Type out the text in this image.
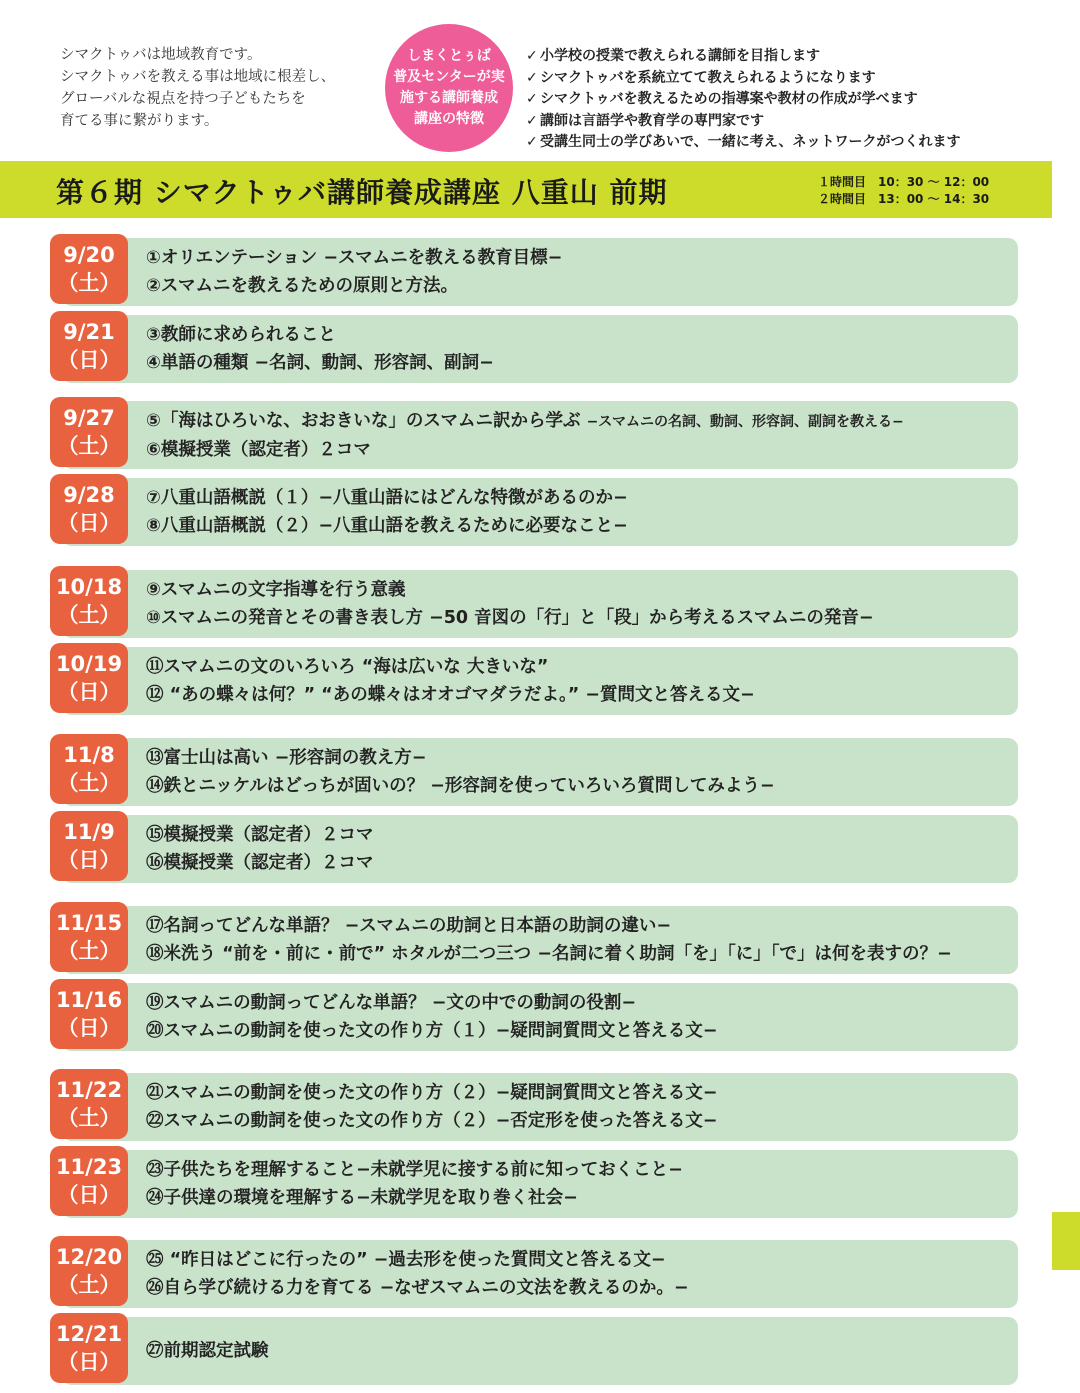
シマクトゥバは地域教育です。
シマクトゥバを教える事は地域に根差し、
グローバルな視点を持つ子どもたちを
育てる事に繋がります。
しまくとぅば
普及センターが実
施する講師養成
講座の特徴
✓ 小学校の授業で教えられる講師を目指します
✓ シマクトゥバを系統立てて教えられるようになります
✓ シマクトゥバを教えるための指導案や教材の作成が学べます
✓ 講師は言語学や教育学の専門家です
✓ 受講生同士の学びあいで、一緒に考え、ネットワークがつくれます
第６期 シマクトゥバ講師養成講座 八重山 前期	１時間目　10：30 〜 12：00
２時間目　13：00 〜 14：30
9/20
（土）
①オリエンテーション −スマムニを教える教育目標−
②スマムニを教えるための原則と方法。
9/21
（日）
③教師に求められること
④単語の種類 −名詞、動詞、形容詞、副詞−
9/27
（土）
⑤「海はひろいな、おおきいな」のスマムニ訳から学ぶ −スマムニの名詞、動詞、形容詞、副詞を教える−
⑥模擬授業（認定者）２コマ
9/28
（日）
⑦八重山語概説（１）−八重山語にはどんな特徴があるのか−
⑧八重山語概説（２）−八重山語を教えるために必要なこと−
10/18
（土）
⑨スマムニの文字指導を行う意義
⑩スマムニの発音とその書き表し方 −50 音図の「行」と「段」から考えるスマムニの発音−
10/19
（日）
⑪スマムニの文のいろいろ “海は広いな 大きいな”
⑫ “あの蝶々は何？” “あの蝶々はオオゴマダラだよ。” −質問文と答える文−
11/8
（土）
⑬富士山は高い −形容詞の教え方−
⑭鉄とニッケルはどっちが固いの？ −形容詞を使っていろいろ質問してみよう−
11/9
（日）
⑮模擬授業（認定者）２コマ
⑯模擬授業（認定者）２コマ
11/15
（土）
⑰名詞ってどんな単語？ −スマムニの助詞と日本語の助詞の違い−
⑱米洗う “前を・前に・前で” ホタルが二つ三つ −名詞に着く助詞「を」「に」「で」は何を表すの？−
11/16
（日）
⑲スマムニの動詞ってどんな単語？ −文の中での動詞の役割−
⑳スマムニの動詞を使った文の作り方（１）−疑問詞質問文と答える文−
11/22
（土）
㉑スマムニの動詞を使った文の作り方（２）−疑問詞質問文と答える文−
㉒スマムニの動詞を使った文の作り方（２）−否定形を使った答える文−
11/23
（日）
㉓子供たちを理解すること−未就学児に接する前に知っておくこと−
㉔子供達の環境を理解する−未就学児を取り巻く社会−
12/20
（土）
㉕ “昨日はどこに行ったの” −過去形を使った質問文と答える文−
㉖自ら学び続ける力を育てる −なぜスマムニの文法を教えるのか。−
12/21
（日） ㉗前期認定試験
